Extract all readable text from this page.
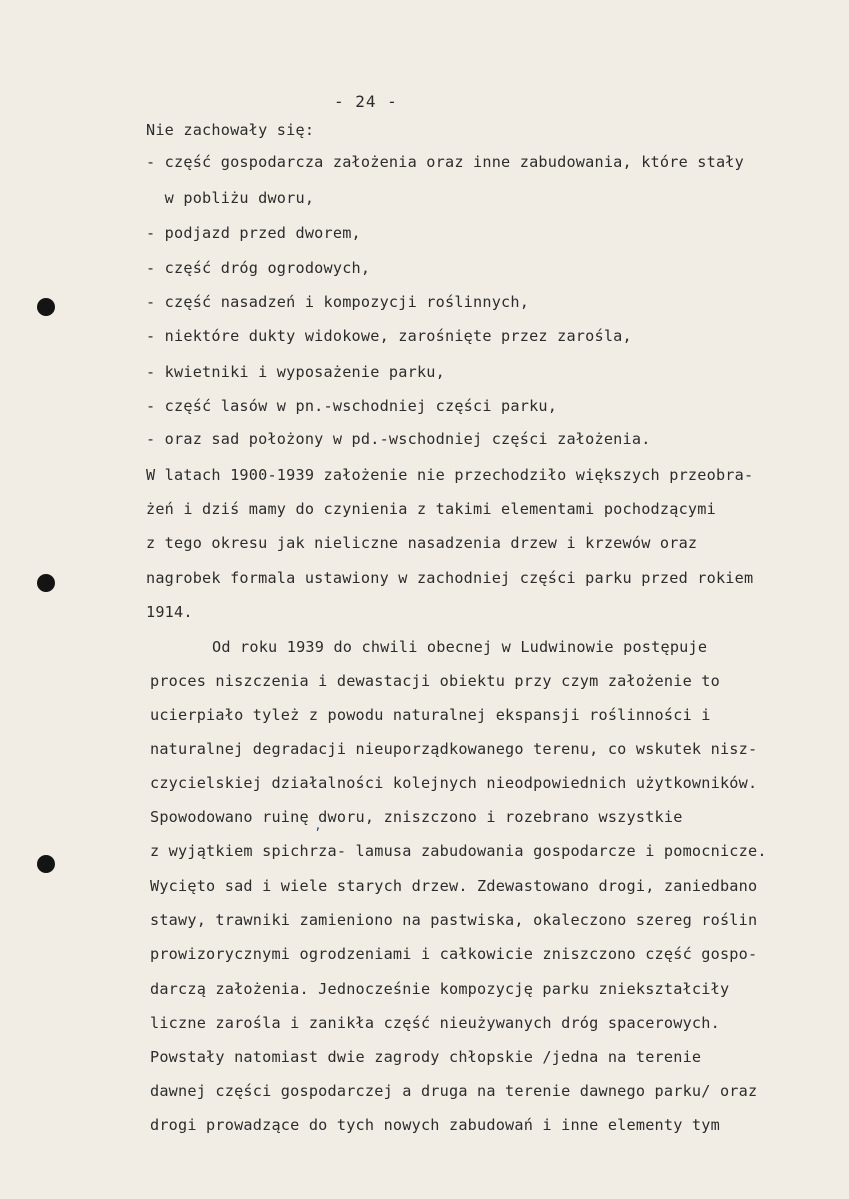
- 24 -
Nie zachowały się:
- część gospodarcza założenia oraz inne zabudowania, które stały
w pobliżu dworu,
- podjazd przed dworem,
- część dróg ogrodowych,
- część nasadzeń i kompozycji roślinnych,
- niektóre dukty widokowe, zarośnięte przez zarośla,
- kwietniki i wyposażenie parku,
- część lasów w pn.-wschodniej części parku,
- oraz sad położony w pd.-wschodniej części założenia.
W latach 1900-1939 założenie nie przechodziło większych przeobra-
żeń i dziś mamy do czynienia z takimi elementami pochodzącymi
z tego okresu jak nieliczne nasadzenia drzew i krzewów oraz
nagrobek formala ustawiony w zachodniej części parku przed rokiem
1914.
Od roku 1939 do chwili obecnej w Ludwinowie postępuje
proces niszczenia i dewastacji obiektu przy czym założenie to
ucierpiało tyleż z powodu naturalnej ekspansji roślinności i
naturalnej degradacji nieuporządkowanego terenu, co wskutek nisz-
czycielskiej działalności kolejnych nieodpowiednich użytkowników.
Spowodowano ruinę dworu, zniszczono i rozebrano wszystkie
z wyjątkiem spichrza- lamusa zabudowania gospodarcze i pomocnicze.
Wycięto sad i wiele starych drzew. Zdewastowano drogi, zaniedbano
stawy, trawniki zamieniono na pastwiska, okaleczono szereg roślin
prowizorycznymi ogrodzeniami i całkowicie zniszczono część gospo-
darczą założenia. Jednocześnie kompozycję parku zniekształciły
liczne zarośla i zanikła część nieużywanych dróg spacerowych.
Powstały natomiast dwie zagrody chłopskie /jedna na terenie
dawnej części gospodarczej a druga na terenie dawnego parku/ oraz
drogi prowadzące do tych nowych zabudowań i inne elementy tym
ʼ
